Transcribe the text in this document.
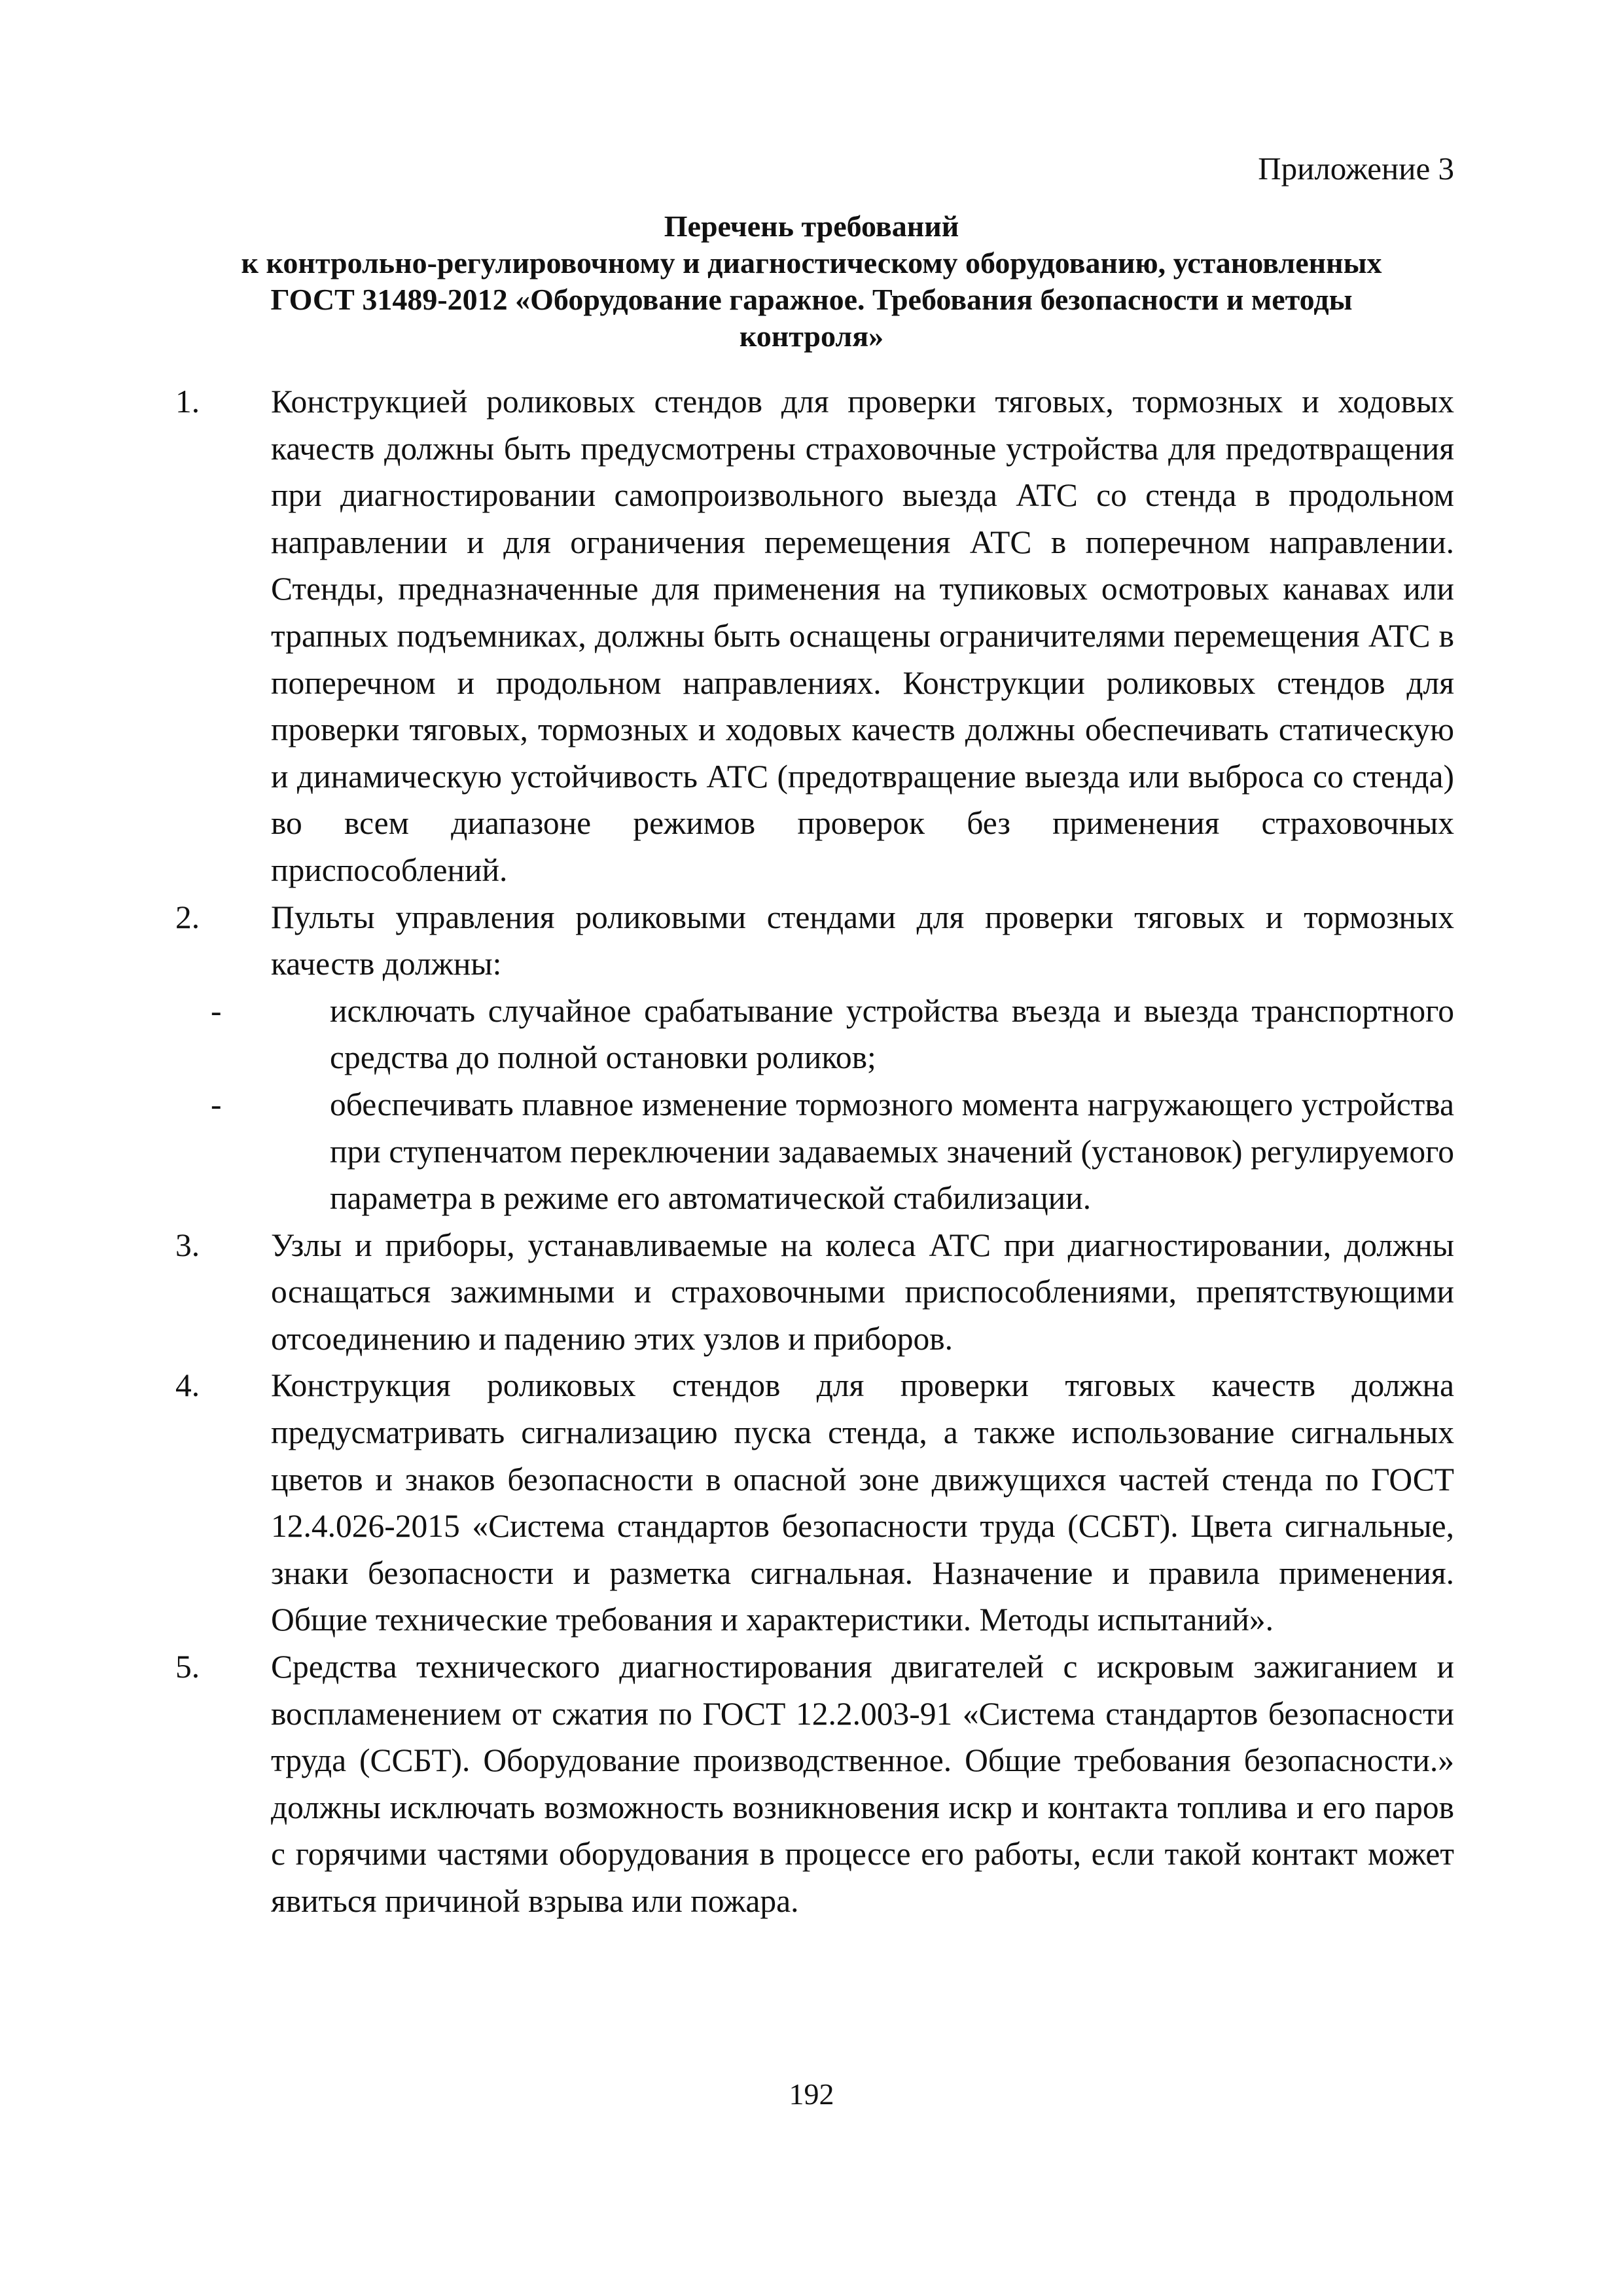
Приложение 3
Перечень требований
к контрольно-регулировочному и диагностическому оборудованию, установленных
ГОСТ 31489-2012 «Оборудование гаражное. Требования безопасности и методы
контроля»
1. Конструкцией роликовых стендов для проверки тяговых, тормозных и ходовых качеств должны быть предусмотрены страховочные устройства для предотвращения при диагностировании самопроизвольного выезда АТС со стенда в продольном направлении и для ограничения перемещения АТС в поперечном направлении. Стенды, предназначенные для применения на тупиковых осмотровых канавах или трапных подъемниках, должны быть оснащены ограничителями перемещения АТС в поперечном и продольном направлениях. Конструкции роликовых стендов для проверки тяговых, тормозных и ходовых качеств должны обеспечивать статическую и динамическую устойчивость АТС (предотвращение выезда или выброса со стенда) во всем диапазоне режимов проверок без применения страховочных приспособлений.
2. Пульты управления роликовыми стендами для проверки тяговых и тормозных качеств должны:
-	исключать случайное срабатывание устройства въезда и выезда транспортного средства до полной остановки роликов;
-	обеспечивать плавное изменение тормозного момента нагружающего устройства при ступенчатом переключении задаваемых значений (установок) регулируемого параметра в режиме его автоматической стабилизации.
3. Узлы и приборы, устанавливаемые на колеса АТС при диагностировании, должны оснащаться зажимными и страховочными приспособлениями, препятствующими отсоединению и падению этих узлов и приборов.
4. Конструкция роликовых стендов для проверки тяговых качеств должна предусматривать сигнализацию пуска стенда, а также использование сигнальных цветов и знаков безопасности в опасной зоне движущихся частей стенда по ГОСТ 12.4.026-2015 «Система стандартов безопасности труда (ССБТ). Цвета сигнальные, знаки безопасности и разметка сигнальная. Назначение и правила применения. Общие технические требования и характеристики. Методы испытаний».
5. Средства технического диагностирования двигателей с искровым зажиганием и воспламенением от сжатия по ГОСТ 12.2.003-91 «Система стандартов безопасности труда (ССБТ). Оборудование производственное. Общие требования безопасности.» должны исключать возможность возникновения искр и контакта топлива и его паров с горячими частями оборудования в процессе его работы, если такой контакт может явиться причиной взрыва или пожара.
192
